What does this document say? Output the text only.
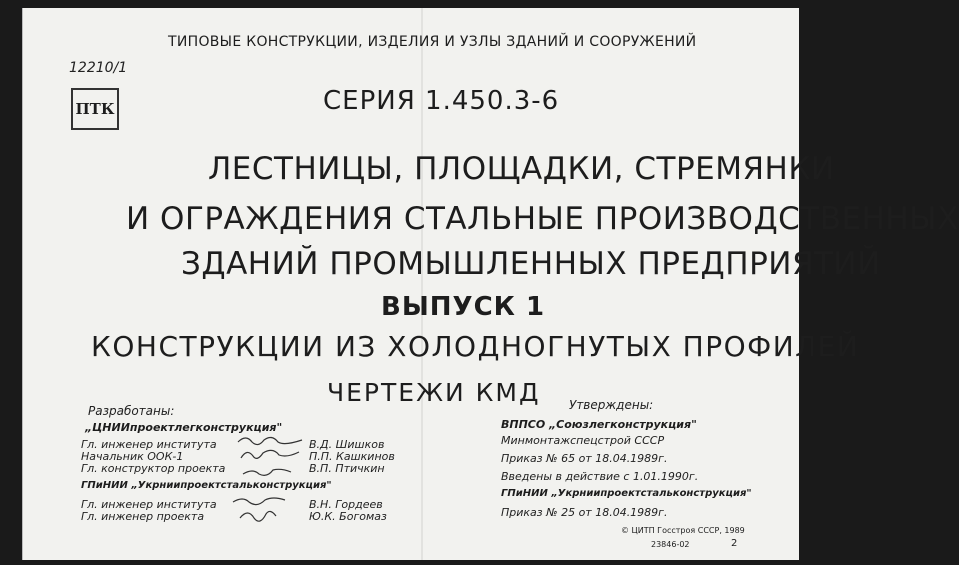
ТИПОВЫЕ КОНСТРУКЦИИ, ИЗДЕЛИЯ И УЗЛЫ ЗДАНИЙ И СООРУЖЕНИЙ
12210/1
ПТК	СЕРИЯ 1.450.3-6
ЛЕСТНИЦЫ, ПЛОЩАДКИ, СТРЕМЯНКИ
И ОГРАЖДЕНИЯ СТАЛЬНЫЕ ПРОИЗВОДСТВЕННЫХ
ЗДАНИЙ ПРОМЫШЛЕННЫХ ПРЕДПРИЯТИЙ
ВЫПУСК 1
КОНСТРУКЦИИ ИЗ ХОЛОДНОГНУТЫХ ПРОФИЛЕЙ
ЧЕРТЕЖИ КМД
Разработаны:
„ЦНИИпроектлегконструкция"
Гл. инженер института
Начальник ООК-1
Гл. конструктор проекта
В.Д. Шишков
П.П. Кашкинов
В.П. Птичкин
ГПиНИИ „Укрниипроектстальконструкция"
Гл. инженер института
Гл. инженер проекта
В.Н. Гордеев
Ю.К. Богомаз
Утверждены:
ВППСО „Союзлегконструкция"
Минмонтажспецстрой СССР
Приказ № 65 от 18.04.1989г.
Введены в действие с 1.01.1990г.
ГПиНИИ „Укрниипроектстальконструкция"
Приказ № 25 от 18.04.1989г.
© ЦИТП Госстроя СССР, 1989
23846-02	2
